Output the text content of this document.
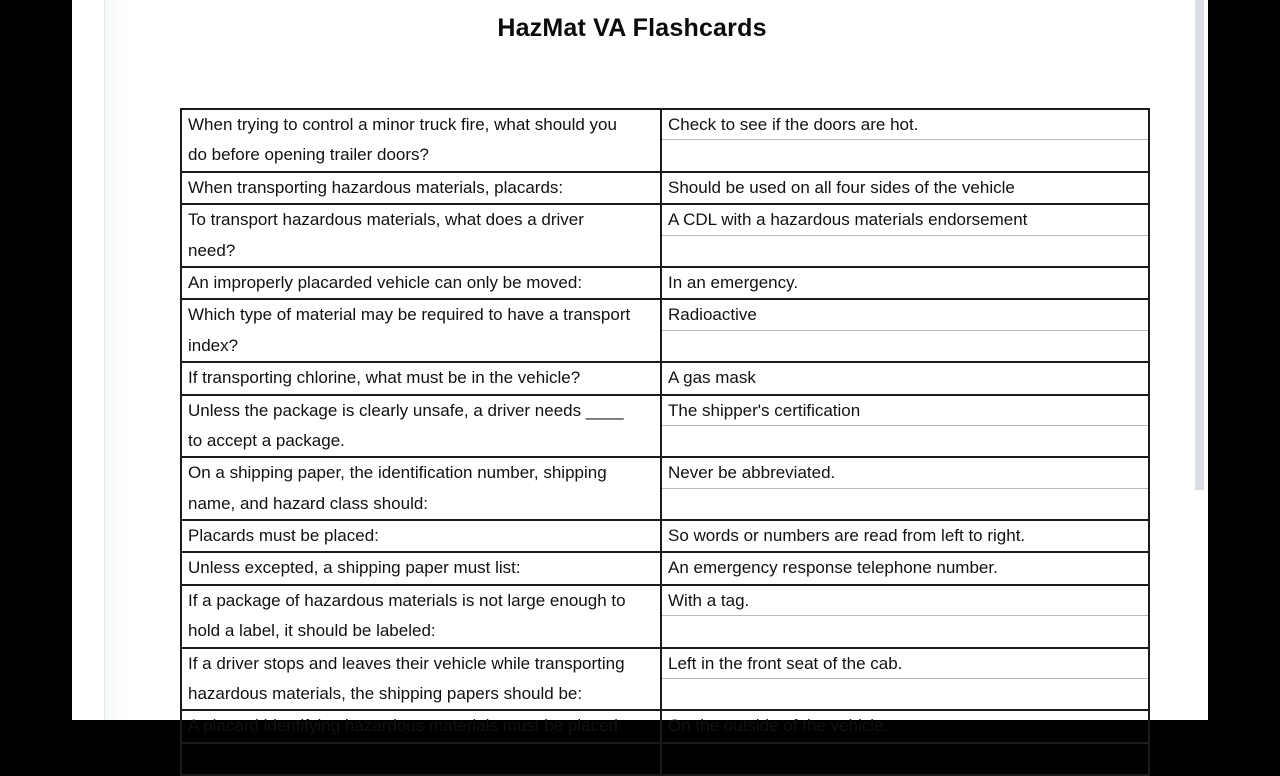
HazMat VA Flashcards
When trying to control a minor truck fire, what should you
do before opening trailer doors?	Check to see if the doors are hot.

When transporting hazardous materials, placards:	Should be used on all four sides of the vehicle

To transport hazardous materials, what does a driver
need?	A CDL with a hazardous materials endorsement

An improperly placarded vehicle can only be moved:	In an emergency.

Which type of material may be required to have a transport
index?	Radioactive

If transporting chlorine, what must be in the vehicle?	A gas mask

Unless the package is clearly unsafe, a driver needs ____
to accept a package.	The shipper's certification

On a shipping paper, the identification number, shipping
name, and hazard class should:	Never be abbreviated.

Placards must be placed:	So words or numbers are read from left to right.

Unless excepted, a shipping paper must list:	An emergency response telephone number.

If a package of hazardous materials is not large enough to
hold a label, it should be labeled:	With a tag.

If a driver stops and leaves their vehicle while transporting
hazardous materials, the shipping papers should be:	Left in the front seat of the cab.

A placard identifying hazardous materials must be placed:	On the outside of the vehicle.
